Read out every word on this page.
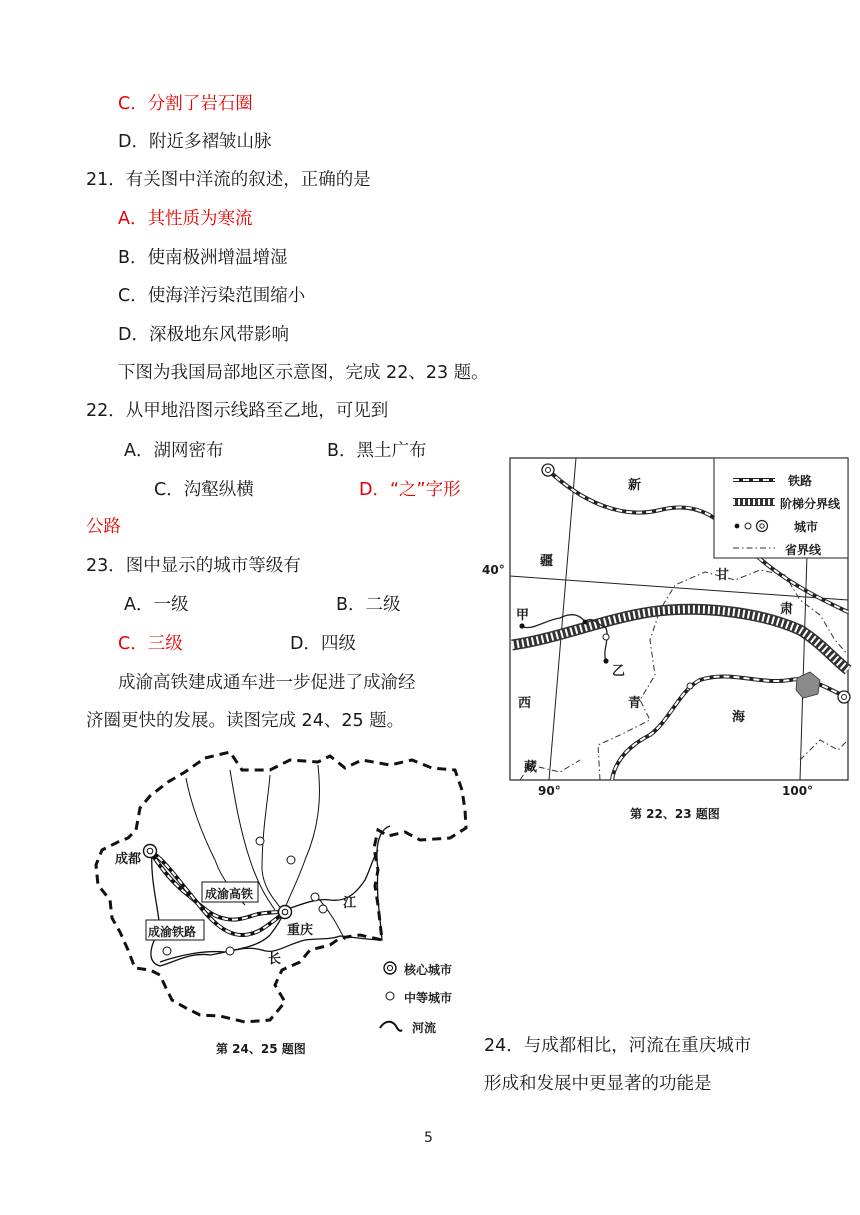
C．分割了岩石圈
D．附近多褶皱山脉
21．有关图中洋流的叙述，正确的是
A．其性质为寒流
B．使南极洲增温增湿
C．使海洋污染范围缩小
D．深极地东风带影响
下图为我国局部地区示意图，完成 22、23 题。
22．从甲地沿图示线路至乙地，可见到
A．湖网密布	B．黑土广布
C．沟壑纵横	D．“之”字形
公路
23．图中显示的城市等级有
A．一级	B．二级
C．三级	D．四级
成渝高铁建成通车进一步促进了成渝经
济圈更快的发展。读图完成 24、25 题。
24．与成都相比，河流在重庆城市
形成和发展中更显著的功能是
5
铁路
阶梯分界线
城市
省界线
新
疆
甘
肃
甲
乙
西
藏
青
海
40°
90°	100°
第 22、23 题图
成都
重庆
成渝高铁
成渝铁路
长
江
核心城市
中等城市
河流
第 24、25 题图
